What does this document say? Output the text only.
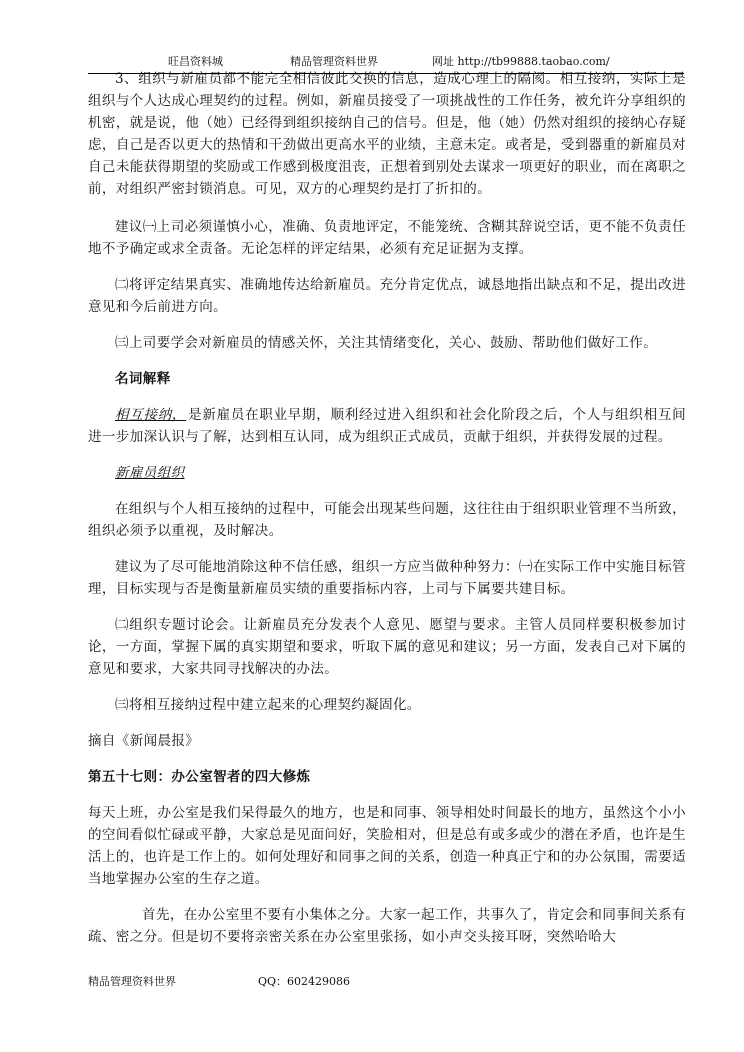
旺昌资料城	精品管理资料世界	网址 http://tb99888.taobao.com/

3、组织与新雇员都不能完全相信彼此交换的信息，造成心理上的隔阂。相互接纳，实际上是组织与个人达成心理契约的过程。例如，新雇员接受了一项挑战性的工作任务，被允许分享组织的机密，就是说，他（她）已经得到组织接纳自己的信号。但是，他（她）仍然对组织的接纳心存疑虑，自己是否以更大的热情和干劲做出更高水平的业绩，主意未定。或者是，受到器重的新雇员对自己未能获得期望的奖励或工作感到极度沮丧，正想着到别处去谋求一项更好的职业，而在离职之前，对组织严密封锁消息。可见，双方的心理契约是打了折扣的。

建议㈠上司必须谨慎小心，准确、负责地评定，不能笼统、含糊其辞说空话，更不能不负责任地不予确定或求全责备。无论怎样的评定结果，必须有充足证据为支撑。

㈡将评定结果真实、准确地传达给新雇员。充分肯定优点，诚恳地指出缺点和不足，提出改进意见和今后前进方向。

㈢上司要学会对新雇员的情感关怀，关注其情绪变化，关心、鼓励、帮助他们做好工作。

名词解释

相互接纳， 是新雇员在职业早期，顺利经过进入组织和社会化阶段之后，个人与组织相互间进一步加深认识与了解，达到相互认同，成为组织正式成员，贡献于组织，并获得发展的过程。

新雇员组织

在组织与个人相互接纳的过程中，可能会出现某些问题，这往往由于组织职业管理不当所致，组织必须予以重视，及时解决。

建议为了尽可能地消除这种不信任感，组织一方应当做种种努力：㈠在实际工作中实施目标管理，目标实现与否是衡量新雇员实绩的重要指标内容，上司与下属要共建目标。

㈡组织专题讨论会。让新雇员充分发表个人意见、愿望与要求。主管人员同样要积极参加讨论，一方面，掌握下属的真实期望和要求，听取下属的意见和建议；另一方面，发表自己对下属的意见和要求，大家共同寻找解决的办法。

㈢将相互接纳过程中建立起来的心理契约凝固化。

摘自《新闻晨报》

第五十七则：办公室智者的四大修炼

每天上班，办公室是我们呆得最久的地方，也是和同事、领导相处时间最长的地方，虽然这个小小的空间看似忙碌或平静，大家总是见面问好，笑脸相对，但是总有或多或少的潜在矛盾，也许是生活上的，也许是工作上的。如何处理好和同事之间的关系，创造一种真正宁和的办公氛围，需要适当地掌握办公室的生存之道。

首先，在办公室里不要有小集体之分。大家一起工作，共事久了，肯定会和同事间关系有疏、密之分。但是切不要将亲密关系在办公室里张扬，如小声交头接耳呀，突然哈哈大

精品管理资料世界	QQ：602429086
